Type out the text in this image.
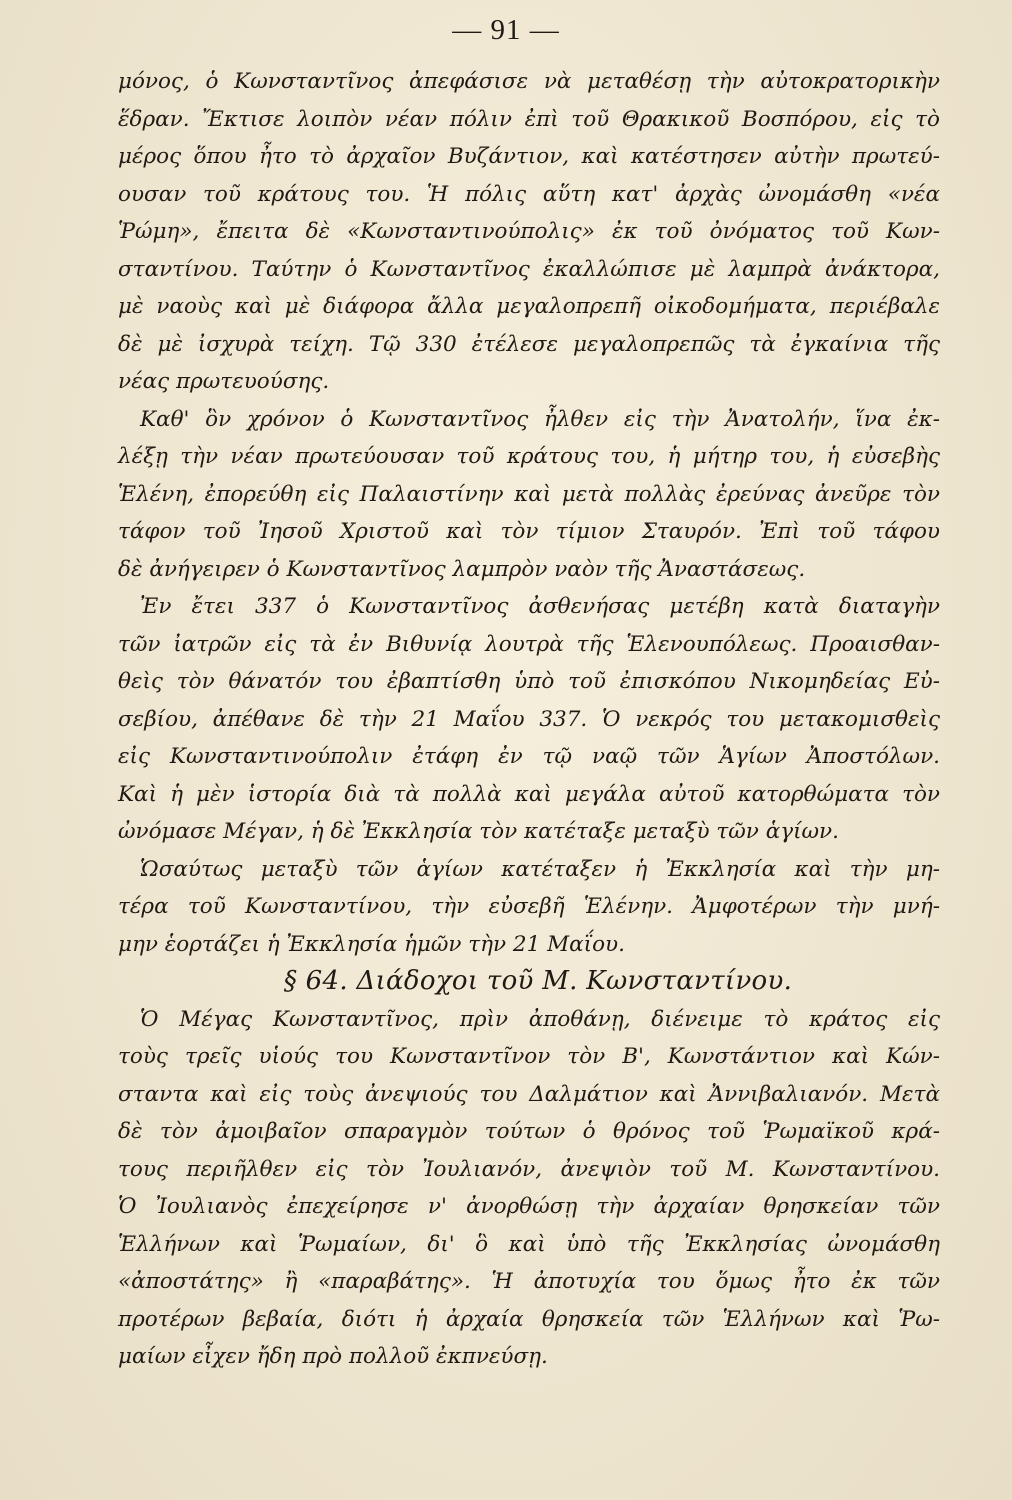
— 91 —
μόνος, ὁ Κωνσταντῖνος ἀπεφάσισε νὰ μεταθέσῃ τὴν αὐτοκρατορικὴν
ἕδραν. Ἔκτισε λοιπὸν νέαν πόλιν ἐπὶ τοῦ Θρακικοῦ Βοσπόρου, εἰς τὸ
μέρος ὅπου ἦτο τὸ ἀρχαῖον Βυζάντιον, καὶ κατέστησεν αὐτὴν πρωτεύ-
ουσαν τοῦ κράτους του. Ἡ πόλις αὕτη κατ' ἀρχὰς ὠνομάσθη «νέα
Ῥώμη», ἔπειτα δὲ «Κωνσταντινούπολις» ἐκ τοῦ ὀνόματος τοῦ Κων-
σταντίνου. Ταύτην ὁ Κωνσταντῖνος ἐκαλλώπισε μὲ λαμπρὰ ἀνάκτορα,
μὲ ναοὺς καὶ μὲ διάφορα ἄλλα μεγαλοπρεπῆ οἰκοδομήματα, περιέβαλε
δὲ μὲ ἰσχυρὰ τείχη. Τῷ 330 ἐτέλεσε μεγαλοπρεπῶς τὰ ἐγκαίνια τῆς
νέας πρωτευούσης.
Καθ' ὃν χρόνον ὁ Κωνσταντῖνος ἦλθεν εἰς τὴν Ἀνατολήν, ἵνα ἐκ-
λέξῃ τὴν νέαν πρωτεύουσαν τοῦ κράτους του, ἡ μήτηρ του, ἡ εὐσεβὴς
Ἑλένη, ἐπορεύθη εἰς Παλαιστίνην καὶ μετὰ πολλὰς ἐρεύνας ἀνεῦρε τὸν
τάφον τοῦ Ἰησοῦ Χριστοῦ καὶ τὸν τίμιον Σταυρόν. Ἐπὶ τοῦ τάφου
δὲ ἀνήγειρεν ὁ Κωνσταντῖνος λαμπρὸν ναὸν τῆς Ἀναστάσεως.
Ἐν ἔτει 337 ὁ Κωνσταντῖνος ἀσθενήσας μετέβη κατὰ διαταγὴν
τῶν ἰατρῶν εἰς τὰ ἐν Βιθυνίᾳ λουτρὰ τῆς Ἑλενουπόλεως. Προαισθαν-
θεὶς τὸν θάνατόν του ἐβαπτίσθη ὑπὸ τοῦ ἐπισκόπου Νικομηδείας Εὐ-
σεβίου, ἀπέθανε δὲ τὴν 21 Μαΐου 337. Ὁ νεκρός του μετακομισθεὶς
εἰς Κωνσταντινούπολιν ἐτάφη ἐν τῷ ναῷ τῶν Ἁγίων Ἀποστόλων.
Καὶ ἡ μὲν ἱστορία διὰ τὰ πολλὰ καὶ μεγάλα αὐτοῦ κατορθώματα τὸν
ὠνόμασε Μέγαν, ἡ δὲ Ἐκκλησία τὸν κατέταξε μεταξὺ τῶν ἁγίων.
Ὡσαύτως μεταξὺ τῶν ἁγίων κατέταξεν ἡ Ἐκκλησία καὶ τὴν μη-
τέρα τοῦ Κωνσταντίνου, τὴν εὐσεβῆ Ἑλένην. Ἀμφοτέρων τὴν μνή-
μην ἑορτάζει ἡ Ἐκκλησία ἡμῶν τὴν 21 Μαΐου.
§ 64. Διάδοχοι τοῦ Μ. Κωνσταντίνου.
Ὁ Μέγας Κωνσταντῖνος, πρὶν ἀποθάνῃ, διένειμε τὸ κράτος εἰς
τοὺς τρεῖς υἱούς του Κωνσταντῖνον τὸν Β', Κωνστάντιον καὶ Κών-
σταντα καὶ εἰς τοὺς ἀνεψιούς του Δαλμάτιον καὶ Ἀννιβαλιανόν. Μετὰ
δὲ τὸν ἀμοιβαῖον σπαραγμὸν τούτων ὁ θρόνος τοῦ Ῥωμαϊκοῦ κρά-
τους περιῆλθεν εἰς τὸν Ἰουλιανόν, ἀνεψιὸν τοῦ Μ. Κωνσταντίνου.
Ὁ Ἰουλιανὸς ἐπεχείρησε ν' ἀνορθώσῃ τὴν ἀρχαίαν θρησκείαν τῶν
Ἑλλήνων καὶ Ῥωμαίων, δι' ὃ καὶ ὑπὸ τῆς Ἐκκλησίας ὠνομάσθη
«ἀποστάτης» ἢ «παραβάτης». Ἡ ἀποτυχία του ὅμως ἦτο ἐκ τῶν
προτέρων βεβαία, διότι ἡ ἀρχαία θρησκεία τῶν Ἑλλήνων καὶ Ῥω-
μαίων εἶχεν ἤδη πρὸ πολλοῦ ἐκπνεύσῃ.
